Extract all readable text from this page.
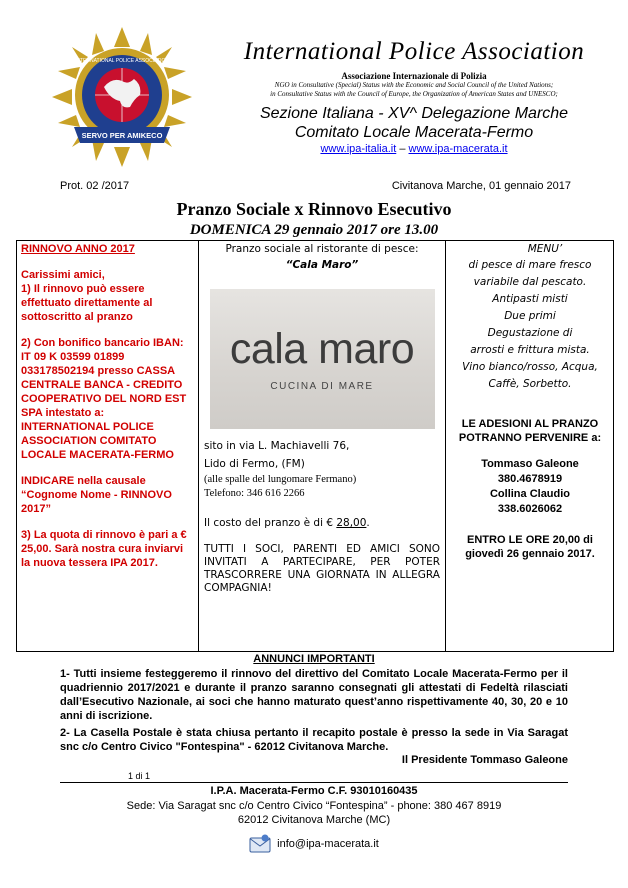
SERVO PER AMIKECO
INTERNATIONAL POLICE ASSOCIATION	International Police Association
Associazione Internazionale di Polizia
NGO in Consultative (Special) Status with the Economic and Social Council of the United Nations;
in Consultative Status with the Council of Europe, the Organization of American States and UNESCO;
Sezione Italiana - XV^ Delegazione Marche
Comitato Locale Macerata-Fermo
www.ipa-italia.it – www.ipa-macerata.it
Prot. 02 /2017	Civitanova Marche, 01 gennaio 2017
Pranzo Sociale x Rinnovo Esecutivo
DOMENICA 29 gennaio 2017 ore 13.00
RINNOVO ANNO 2017
Carissimi amici,
1) Il rinnovo può essere effettuato direttamente al sottoscritto al pranzo
2) Con bonifico bancario IBAN: IT 09 K 03599 01899 033178502194 presso CASSA CENTRALE BANCA - CREDITO COOPERATIVO DEL NORD EST SPA intestato a: INTERNATIONAL POLICE ASSOCIATION COMITATO LOCALE MACERATA-FERMO
INDICARE nella causale “Cognome Nome - RINNOVO 2017”
3) La quota di rinnovo è pari a € 25,00. Sarà nostra cura inviarvi la nuova tessera IPA 2017.
Pranzo sociale al ristorante di pesce:
“Cala Maro”
cala maro
CUCINA DI MARE
sito in via L. Machiavelli 76,
Lido di Fermo, (FM)
(alle spalle del lungomare Fermano)
Telefono: 346 616 2266
Il costo del pranzo è di € 28,00.
TUTTI I SOCI, PARENTI ED AMICI SONO INVITATI A PARTECIPARE, PER POTER TRASCORRERE UNA GIORNATA IN ALLEGRA COMPAGNIA!
MENU’
di pesce di mare fresco
variabile dal pescato.
Antipasti misti
Due primi
Degustazione di
arrosti e frittura mista.
Vino bianco/rosso, Acqua,
Caffè, Sorbetto.
LE ADESIONI AL PRANZO POTRANNO PERVENIRE a:
Tommaso Galeone
380.4678919
Collina Claudio
338.6026062
ENTRO LE ORE 20,00 di giovedì 26 gennaio 2017.
ANNUNCI IMPORTANTI
1- Tutti insieme festeggeremo il rinnovo del direttivo del Comitato Locale Macerata-Fermo per il quadriennio 2017/2021 e durante il pranzo saranno consegnati gli attestati di Fedeltà rilasciati dall’Esecutivo Nazionale, ai soci che hanno maturato quest’anno rispettivamente 40, 30, 20 e 10 anni di iscrizione.
2- La Casella Postale è stata chiusa pertanto il recapito postale è presso la sede in Via Saragat snc c/o Centro Civico "Fontespina" - 62012 Civitanova Marche.
Il Presidente Tommaso Galeone
1 di 1
I.P.A. Macerata-Fermo C.F. 93010160435
Sede: Via Saragat snc c/o Centro Civico “Fontespina” - phone: 380 467 8919
62012 Civitanova Marche (MC)
info@ipa-macerata.it
